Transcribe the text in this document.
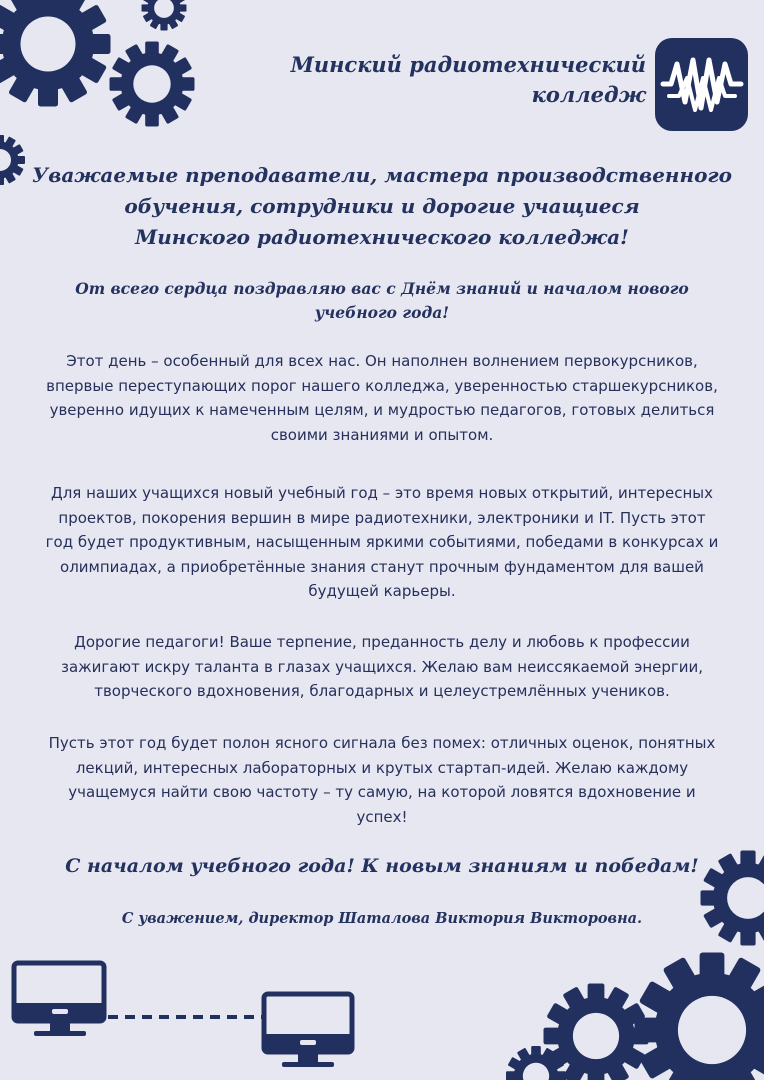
Минский радиотехнический
колледж
Уважаемые преподаватели, мастера производственного
обучения, сотрудники и дорогие учащиеся
Минского радиотехнического колледжа!
От всего сердца поздравляю вас с Днём знаний и началом нового
учебного года!
Этот день – особенный для всех нас. Он наполнен волнением первокурсников,
впервые переступающих порог нашего колледжа, уверенностью старшекурсников,
уверенно идущих к намеченным целям, и мудростью педагогов, готовых делиться
своими знаниями и опытом.
Для наших учащихся новый учебный год – это время новых открытий, интересных
проектов, покорения вершин в мире радиотехники, электроники и IT. Пусть этот
год будет продуктивным, насыщенным яркими событиями, победами в конкурсах и
олимпиадах, а приобретённые знания станут прочным фундаментом для вашей
будущей карьеры.
Дорогие педагоги! Ваше терпение, преданность делу и любовь к профессии
зажигают искру таланта в глазах учащихся. Желаю вам неиссякаемой энергии,
творческого вдохновения, благодарных и целеустремлённых учеников.
Пусть этот год будет полон ясного сигнала без помех: отличных оценок, понятных
лекций, интересных лабораторных и крутых стартап-идей. Желаю каждому
учащемуся найти свою частоту – ту самую, на которой ловятся вдохновение и
успех!
С началом учебного года! К новым знаниям и победам!
С уважением, директор Шаталова Виктория Викторовна.
